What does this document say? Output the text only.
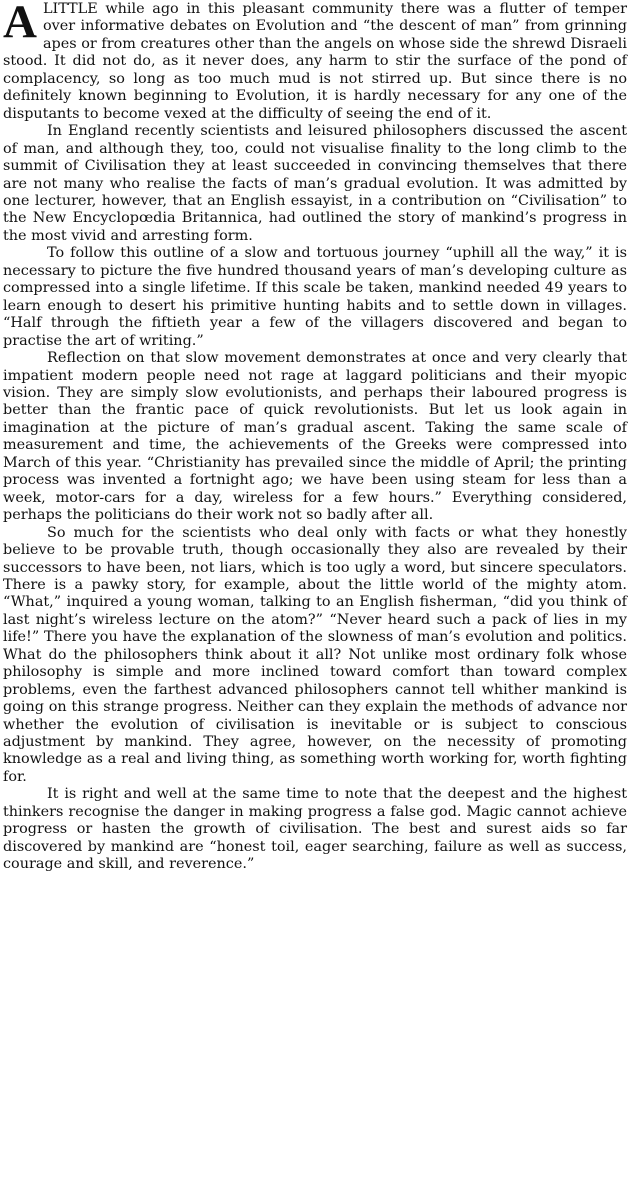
A LITTLE while ago in this pleasant community there was a flutter of temper over informative debates on Evolution and “the descent of man” from grinning apes or from creatures other than the angels on whose side the shrewd Disraeli stood. It did not do, as it never does, any harm to stir the surface of the pond of complacency, so long as too much mud is not stirred up. But since there is no definitely known beginning to Evolution, it is hardly necessary for any one of the disputants to become vexed at the difficulty of seeing the end of it.

In England recently scientists and leisured philosophers discussed the ascent of man, and although they, too, could not visualise finality to the long climb to the summit of Civilisation they at least succeeded in convincing themselves that there are not many who realise the facts of man’s gradual evolution. It was admitted by one lecturer, however, that an English essayist, in a contribution on “Civilisation” to the New Encyclopœdia Britannica, had outlined the story of mankind’s progress in the most vivid and arresting form.

To follow this outline of a slow and tortuous journey “uphill all the way,” it is necessary to picture the five hundred thousand years of man’s developing culture as compressed into a single lifetime. If this scale be taken, mankind needed 49 years to learn enough to desert his primitive hunting habits and to settle down in villages. “Half through the fiftieth year a few of the villagers discovered and began to practise the art of writing.”

Reflection on that slow movement demonstrates at once and very clearly that impatient modern people need not rage at laggard politicians and their myopic vision. They are simply slow evolutionists, and perhaps their laboured progress is better than the frantic pace of quick revolutionists. But let us look again in imagination at the picture of man’s gradual ascent. Taking the same scale of measurement and time, the achievements of the Greeks were compressed into March of this year. “Christianity has prevailed since the middle of April; the printing process was invented a fortnight ago; we have been using steam for less than a week, motor-cars for a day, wireless for a few hours.” Everything considered, perhaps the politicians do their work not so badly after all.

So much for the scientists who deal only with facts or what they honestly believe to be provable truth, though occasionally they also are revealed by their successors to have been, not liars, which is too ugly a word, but sincere speculators. There is a pawky story, for example, about the little world of the mighty atom. “What,” inquired a young woman, talking to an English fisherman, “did you think of last night’s wireless lecture on the atom?” “Never heard such a pack of lies in my life!” There you have the explanation of the slowness of man’s evolution and politics. What do the philosophers think about it all? Not unlike most ordinary folk whose philosophy is simple and more inclined toward comfort than toward complex problems, even the farthest advanced philosophers cannot tell whither mankind is going on this strange progress. Neither can they explain the methods of advance nor whether the evolution of civilisation is inevitable or is subject to conscious adjustment by mankind. They agree, however, on the necessity of promoting knowledge as a real and living thing, as something worth working for, worth fighting for.

It is right and well at the same time to note that the deepest and the highest thinkers recognise the danger in making progress a false god. Magic cannot achieve progress or hasten the growth of civilisation. The best and surest aids so far discovered by mankind are “honest toil, eager searching, failure as well as success, courage and skill, and reverence.”
